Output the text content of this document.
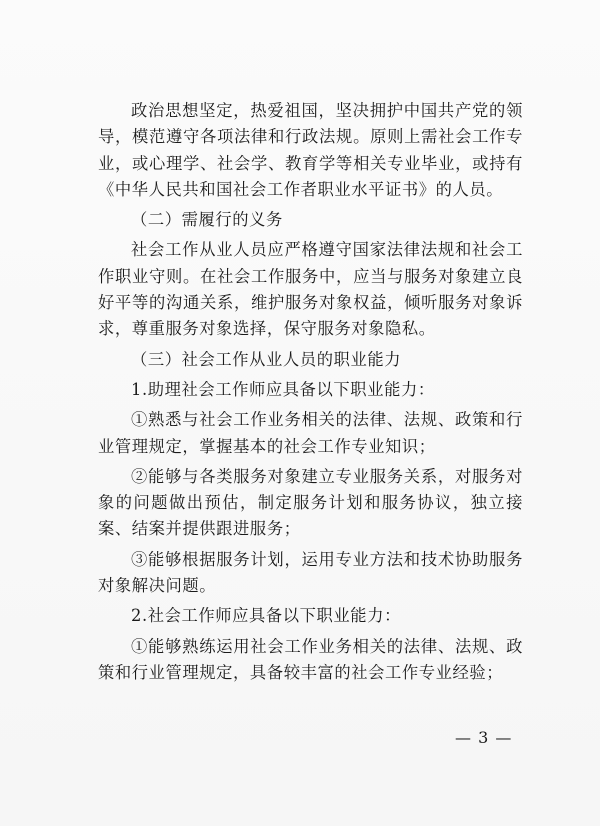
政治思想坚定，热爱祖国，坚决拥护中国共产党的领导，模范遵守各项法律和行政法规。原则上需社会工作专业，或心理学、社会学、教育学等相关专业毕业，或持有《中华人民共和国社会工作者职业水平证书》的人员。

（二）需履行的义务

社会工作从业人员应严格遵守国家法律法规和社会工作职业守则。在社会工作服务中，应当与服务对象建立良好平等的沟通关系，维护服务对象权益，倾听服务对象诉求，尊重服务对象选择，保守服务对象隐私。

（三）社会工作从业人员的职业能力

1.助理社会工作师应具备以下职业能力：

①熟悉与社会工作业务相关的法律、法规、政策和行业管理规定，掌握基本的社会工作专业知识；

②能够与各类服务对象建立专业服务关系，对服务对象的问题做出预估，制定服务计划和服务协议，独立接案、结案并提供跟进服务；

③能够根据服务计划，运用专业方法和技术协助服务对象解决问题。

2.社会工作师应具备以下职业能力：

①能够熟练运用社会工作业务相关的法律、法规、政策和行业管理规定，具备较丰富的社会工作专业经验；

— 3 —
